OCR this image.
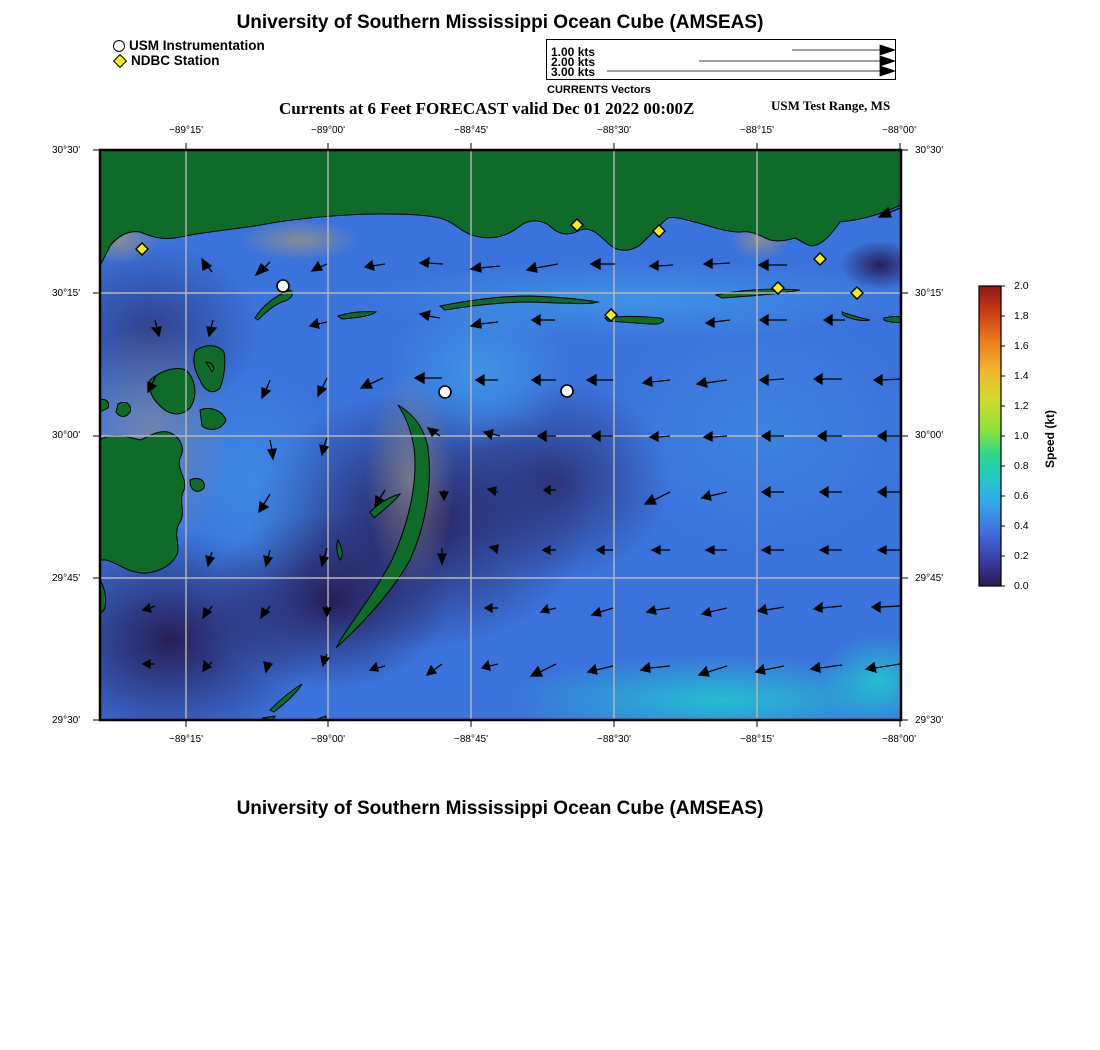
University of Southern Mississippi Ocean Cube (AMSEAS)
USM Instrumentation
NDBC Station
1.00 kts
2.00 kts
3.00 kts
CURRENTS Vectors
Currents at 6 Feet FORECAST valid Dec 01 2022 00:00Z	USM Test Range, MS
−89°15'	−89°00'	−88°45'	−88°30'	−88°15'	−88°00'
−89°15'	−89°00'	−88°45'	−88°30'	−88°15'	−88°00'
30°30'
30°15'
30°00'
29°45'
29°30'
30°30'
30°15'
30°00'
29°45'
29°30'
2.0
1.8
1.6
1.4
1.2
1.0
0.8
0.6
0.4
0.2
0.0
Speed (kt)
University of Southern Mississippi Ocean Cube (AMSEAS)
